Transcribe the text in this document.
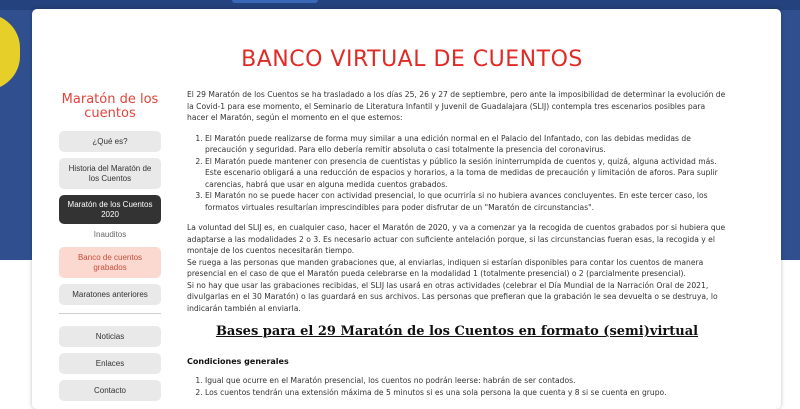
BANCO VIRTUAL DE CUENTOS
Maratón de los cuentos
¿Qué es?
Historia del Maratón de los Cuentos
Maratón de los Cuentos 2020
Inauditos
Banco de cuentos grabados
Maratones anteriores
Noticias
Enlaces
Contacto

El 29 Maratón de los Cuentos se ha trasladado a los días 25, 26 y 27 de septiembre, pero ante la imposibilidad de determinar la evolución de la Covid-1 para ese momento, el Seminario de Literatura Infantil y Juvenil de Guadalajara (SLIJ) contempla tres escenarios posibles para hacer el Maratón, según el momento en el que estemos:

1. El Maratón puede realizarse de forma muy similar a una edición normal en el Palacio del Infantado, con las debidas medidas de precaución y seguridad. Para ello debería remitir absoluta o casi totalmente la presencia del coronavirus.
2. El Maratón puede mantener con presencia de cuentistas y público la sesión ininterrumpida de cuentos y, quizá, alguna actividad más. Este escenario obligará a una reducción de espacios y horarios, a la toma de medidas de precaución y limitación de aforos. Para suplir carencias, habrá que usar en alguna medida cuentos grabados.
3. El Maratón no se puede hacer con actividad presencial, lo que ocurriría si no hubiera avances concluyentes. En este tercer caso, los formatos virtuales resultarían imprescindibles para poder disfrutar de un "Maratón de circunstancias".

La voluntad del SLIJ es, en cualquier caso, hacer el Maratón de 2020, y va a comenzar ya la recogida de cuentos grabados por si hubiera que adaptarse a las modalidades 2 o 3. Es necesario actuar con suficiente antelación porque, si las circunstancias fueran esas, la recogida y el montaje de los cuentos necesitarán tiempo.

Se ruega a las personas que manden grabaciones que, al enviarlas, indiquen si estarían disponibles para contar los cuentos de manera presencial en el caso de que el Maratón pueda celebrarse en la modalidad 1 (totalmente presencial) o 2 (parcialmente presencial).

Si no hay que usar las grabaciones recibidas, el SLIJ las usará en otras actividades (celebrar el Día Mundial de la Narración Oral de 2021, divulgarlas en el 30 Maratón) o las guardará en sus archivos. Las personas que prefieran que la grabación le sea devuelta o se destruya, lo indicarán también al enviarla.

Bases para el 29 Maratón de los Cuentos en formato (semi)virtual
Condiciones generales
1. Igual que ocurre en el Maratón presencial, los cuentos no podrán leerse: habrán de ser contados.
2. Los cuentos tendrán una extensión máxima de 5 minutos si es una sola persona la que cuenta y 8 si se cuenta en grupo.
